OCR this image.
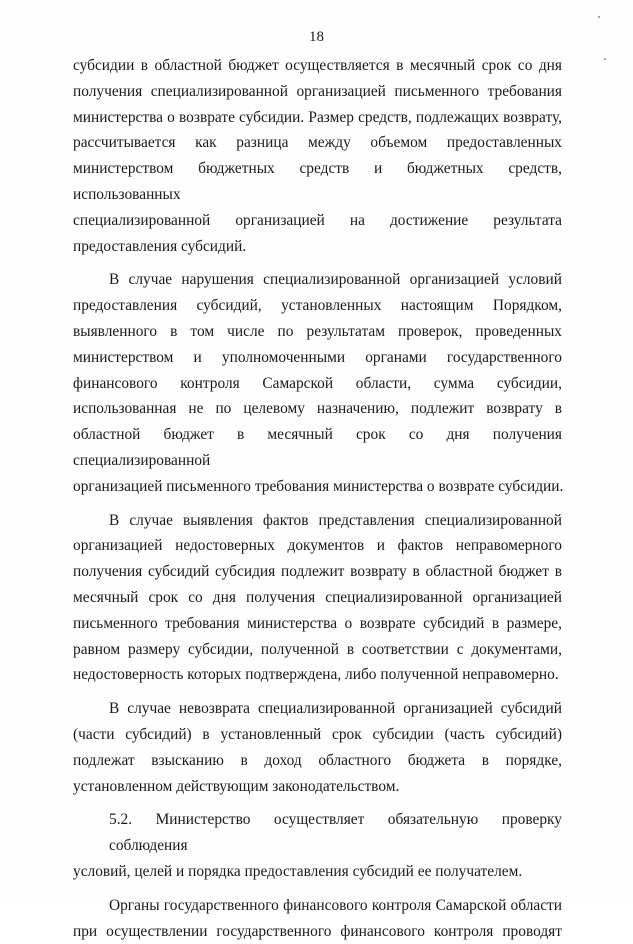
18

субсидии в областной бюджет осуществляется в месячный срок со дня
получения специализированной организацией письменного требования
министерства о возврате субсидии. Размер средств, подлежащих возврату,
рассчитывается как разница между объемом предоставленных
министерством бюджетных средств и бюджетных средств, использованных
специализированной организацией на достижение результата
предоставления субсидий.

В случае нарушения специализированной организацией условий
предоставления субсидий, установленных настоящим Порядком,
выявленного в том числе по результатам проверок, проведенных
министерством и уполномоченными органами государственного
финансового контроля Самарской области, сумма субсидии,
использованная не по целевому назначению, подлежит возврату в
областной бюджет в месячный срок со дня получения специализированной
организацией письменного требования министерства о возврате субсидии.

В случае выявления фактов представления специализированной
организацией недостоверных документов и фактов неправомерного
получения субсидий субсидия подлежит возврату в областной бюджет в
месячный срок со дня получения специализированной организацией
письменного требования министерства о возврате субсидий в размере,
равном размеру субсидии, полученной в соответствии с документами,
недостоверность которых подтверждена, либо полученной неправомерно.

В случае невозврата специализированной организацией субсидий
(части субсидий) в установленный срок субсидии (часть субсидий)
подлежат взысканию в доход областного бюджета в порядке,
установленном действующим законодательством.

5.2. Министерство осуществляет обязательную проверку соблюдения
условий, целей и порядка предоставления субсидий ее получателем.

Органы государственного финансового контроля Самарской области
при осуществлении государственного финансового контроля проводят
